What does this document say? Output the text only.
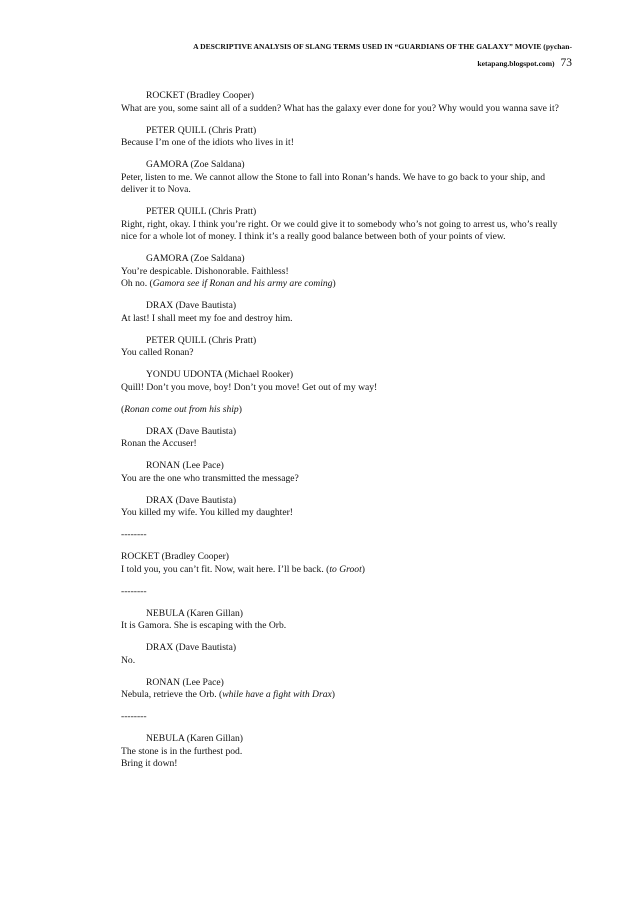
A DESCRIPTIVE ANALYSIS OF SLANG TERMS USED IN “GUARDIANS OF THE GALAXY” MOVIE (pychan-
ketapang.blogspot.com) 73
ROCKET (Bradley Cooper)
What are you, some saint all of a sudden? What has the galaxy ever done for you? Why would you wanna save it?
PETER QUILL (Chris Pratt)
Because I’m one of the idiots who lives in it!
GAMORA (Zoe Saldana)
Peter, listen to me. We cannot allow the Stone to fall into Ronan’s hands. We have to go back to your ship, and deliver it to Nova.
PETER QUILL (Chris Pratt)
Right, right, okay. I think you’re right. Or we could give it to somebody who’s not going to arrest us, who’s really nice for a whole lot of money. I think it’s a really good balance between both of your points of view.
GAMORA (Zoe Saldana)
You’re despicable. Dishonorable. Faithless!
Oh no. (Gamora see if Ronan and his army are coming)
DRAX (Dave Bautista)
At last! I shall meet my foe and destroy him.
PETER QUILL (Chris Pratt)
You called Ronan?
YONDU UDONTA (Michael Rooker)
Quill! Don’t you move, boy! Don’t you move! Get out of my way!
(Ronan come out from his ship)
DRAX (Dave Bautista)
Ronan the Accuser!
RONAN (Lee Pace)
You are the one who transmitted the message?
DRAX (Dave Bautista)
You killed my wife. You killed my daughter!
--------
ROCKET (Bradley Cooper)
I told you, you can’t fit. Now, wait here. I’ll be back. (to Groot)
--------
NEBULA (Karen Gillan)
It is Gamora. She is escaping with the Orb.
DRAX (Dave Bautista)
No.
RONAN (Lee Pace)
Nebula, retrieve the Orb. (while have a fight with Drax)
--------
NEBULA (Karen Gillan)
The stone is in the furthest pod.
Bring it down!
